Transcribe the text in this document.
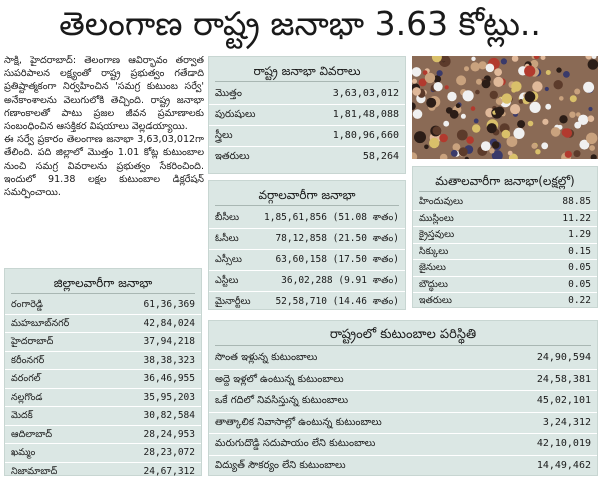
తెలంగాణ రాష్ట్ర జనాభా 3.63 కోట్లు..

సాక్షి, హైదరాబాద్: తెలంగాణ ఆవిర్భావం తర్వాత సుపరిపాలన లక్ష్యంతో రాష్ట్ర ప్రభుత్వం గతేడాది ప్రతిష్టాత్మకంగా నిర్వహించిన 'సమగ్ర కుటుంబ సర్వే' అనేకాంశాలను వెలుగులోకి తెచ్చింది. రాష్ట్ర జనాభా గణాంకాలతో పాటు ప్రజల జీవన ప్రమాణాలకు సంబంధించిన ఆసక్తికర విషయాలు వెల్లడయ్యాయి.

ఈ సర్వే ప్రకారం తెలంగాణ జనాభా 3,63,03,012గా తేలింది. పది జిల్లాలో మొత్తం 1.01 కోట్ల కుటుంబాల నుంచి సమగ్ర వివరాలను ప్రభుత్వం సేకరించింది. ఇందులో 91.38 లక్షల కుటుంబాల డిక్లరేషన్ సమర్పించాయి.

రాష్ట్ర జనాభా వివరాలు
మొత్తం	3,63,03,012
పురుషులు	1,81,48,088
స్త్రీలు	1,80,96,660
ఇతరులు	58,264
వర్గాలవారీగా జనాభా
బీసీలు	1,85,61,856 (51.08 శాతం)
ఓసీలు	78,12,858 (21.50 శాతం)
ఎస్సీలు	63,60,158 (17.50 శాతం)
ఎస్టీలు	36,02,288 (9.91 శాతం)
మైనార్టీలు	52,58,710 (14.46 శాతం)
మతాలవారీగా జనాభా(లక్షల్లో)
హిందువులు	88.85
ముస్లింలు	11.22
క్రైస్తవులు	1.29
సిక్కులు	0.15
జైనులు	0.05
బౌద్ధులు	0.05
ఇతరులు	0.22
జిల్లాలవారీగా జనాభా
రంగారెడ్డి	61,36,369
మహబూబ్‌నగర్	42,84,024
హైదరాబాద్	37,94,218
కరీంనగర్	38,38,323
వరంగల్	36,46,955
నల్లగొండ	35,95,203
మెదక్	30,82,584
ఆదిలాబాద్	28,24,953
ఖమ్మం	28,23,072
నిజామాబాద్	24,67,312
రాష్ట్రంలో కుటుంబాల పరిస్థితి
సొంత ఇళ్లున్న కుటుంబాలు	24,90,594
అద్దె ఇళ్లలో ఉంటున్న కుటుంబాలు	24,58,381
ఒకే గదిలో నివసిస్తున్న కుటుంబాలు	45,02,101
తాత్కాలిక నివాసాల్లో ఉంటున్న కుటుంబాలు	3,24,312
మరుగుదొడ్డి సదుపాయం లేని కుటుంబాలు	42,10,019
విద్యుత్ సౌకర్యం లేని కుటుంబాలు	14,49,462
